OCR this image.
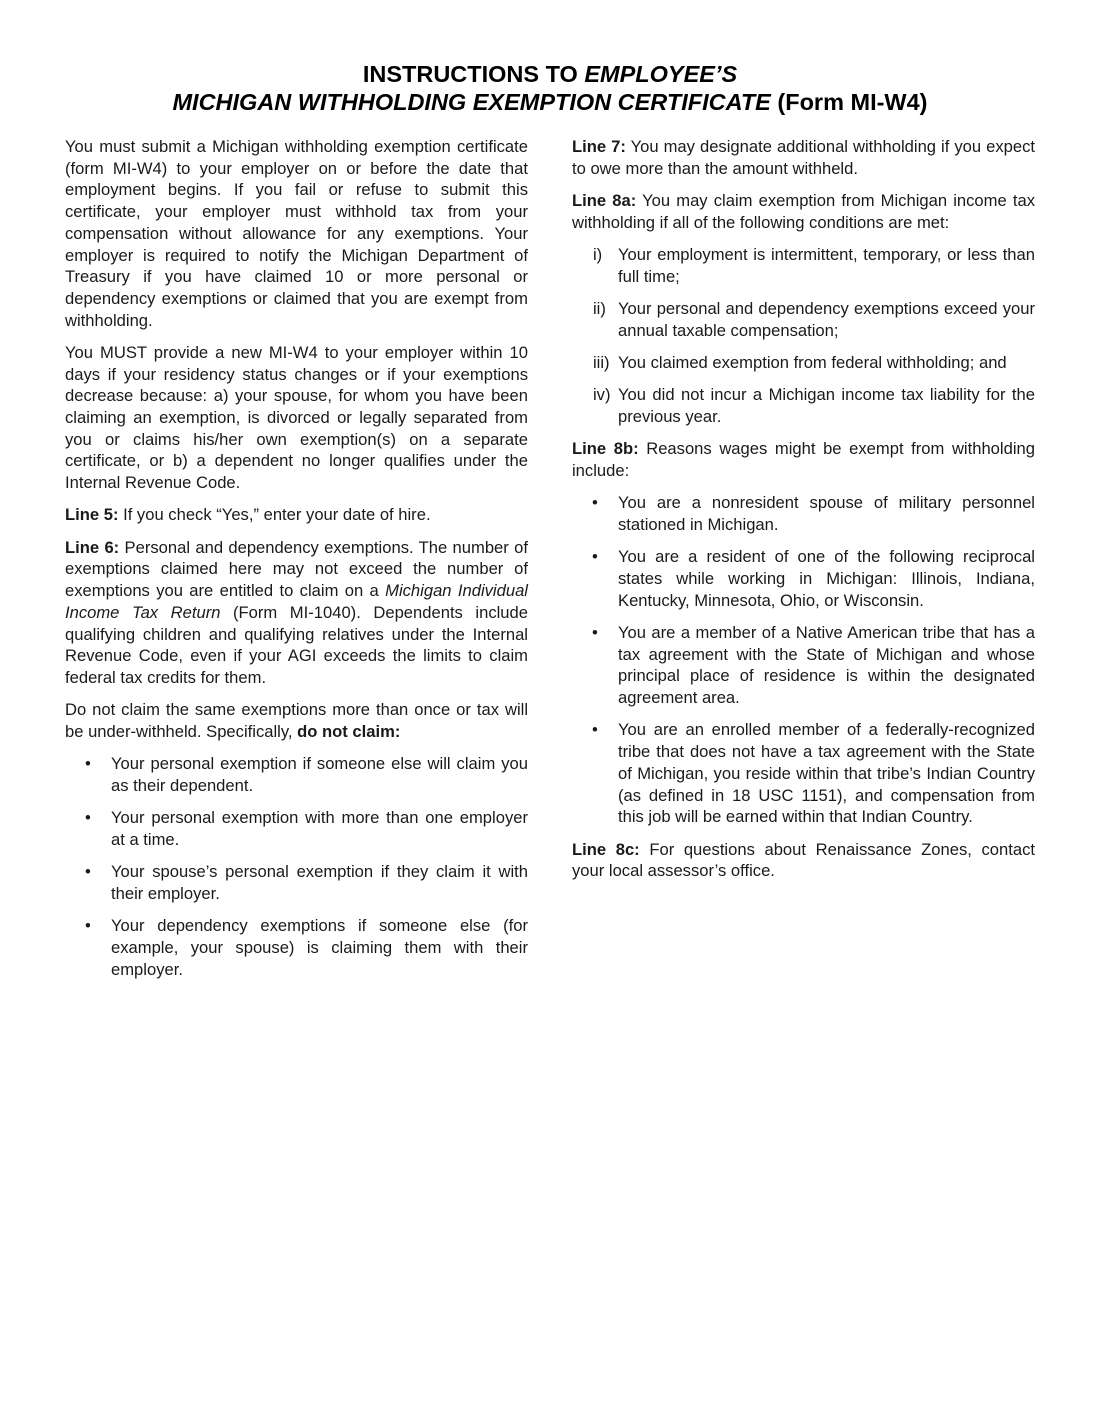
INSTRUCTIONS TO EMPLOYEE’S
MICHIGAN WITHHOLDING EXEMPTION CERTIFICATE (Form MI-W4)

You must submit a Michigan withholding exemption certificate (form MI-W4) to your employer on or before the date that employment begins. If you fail or refuse to submit this certificate, your employer must withhold tax from your compensation without allowance for any exemptions. Your employer is required to notify the Michigan Department of Treasury if you have claimed 10 or more personal or dependency exemptions or claimed that you are exempt from withholding.

You MUST provide a new MI-W4 to your employer within 10 days if your residency status changes or if your exemptions decrease because: a) your spouse, for whom you have been claiming an exemption, is divorced or legally separated from you or claims his/her own exemption(s) on a separate certificate, or b) a dependent no longer qualifies under the Internal Revenue Code.

Line 5: If you check “Yes,” enter your date of hire.

Line 6: Personal and dependency exemptions. The number of exemptions claimed here may not exceed the number of exemptions you are entitled to claim on a Michigan Individual Income Tax Return (Form MI-1040). Dependents include qualifying children and qualifying relatives under the Internal Revenue Code, even if your AGI exceeds the limits to claim federal tax credits for them.

Do not claim the same exemptions more than once or tax will be under-withheld. Specifically, do not claim:

• Your personal exemption if someone else will claim you as their dependent.
• Your personal exemption with more than one employer at a time.
• Your spouse’s personal exemption if they claim it with their employer.
• Your dependency exemptions if someone else (for example, your spouse) is claiming them with their employer.

Line 7: You may designate additional withholding if you expect to owe more than the amount withheld.

Line 8a: You may claim exemption from Michigan income tax withholding if all of the following conditions are met:

i) Your employment is intermittent, temporary, or less than full time;
ii) Your personal and dependency exemptions exceed your annual taxable compensation;
iii) You claimed exemption from federal withholding; and
iv) You did not incur a Michigan income tax liability for the previous year.

Line 8b: Reasons wages might be exempt from withholding include:

• You are a nonresident spouse of military personnel stationed in Michigan.
• You are a resident of one of the following reciprocal states while working in Michigan: Illinois, Indiana, Kentucky, Minnesota, Ohio, or Wisconsin.
• You are a member of a Native American tribe that has a tax agreement with the State of Michigan and whose principal place of residence is within the designated agreement area.
• You are an enrolled member of a federally-recognized tribe that does not have a tax agreement with the State of Michigan, you reside within that tribe’s Indian Country (as defined in 18 USC 1151), and compensation from this job will be earned within that Indian Country.

Line 8c: For questions about Renaissance Zones, contact your local assessor’s office.
